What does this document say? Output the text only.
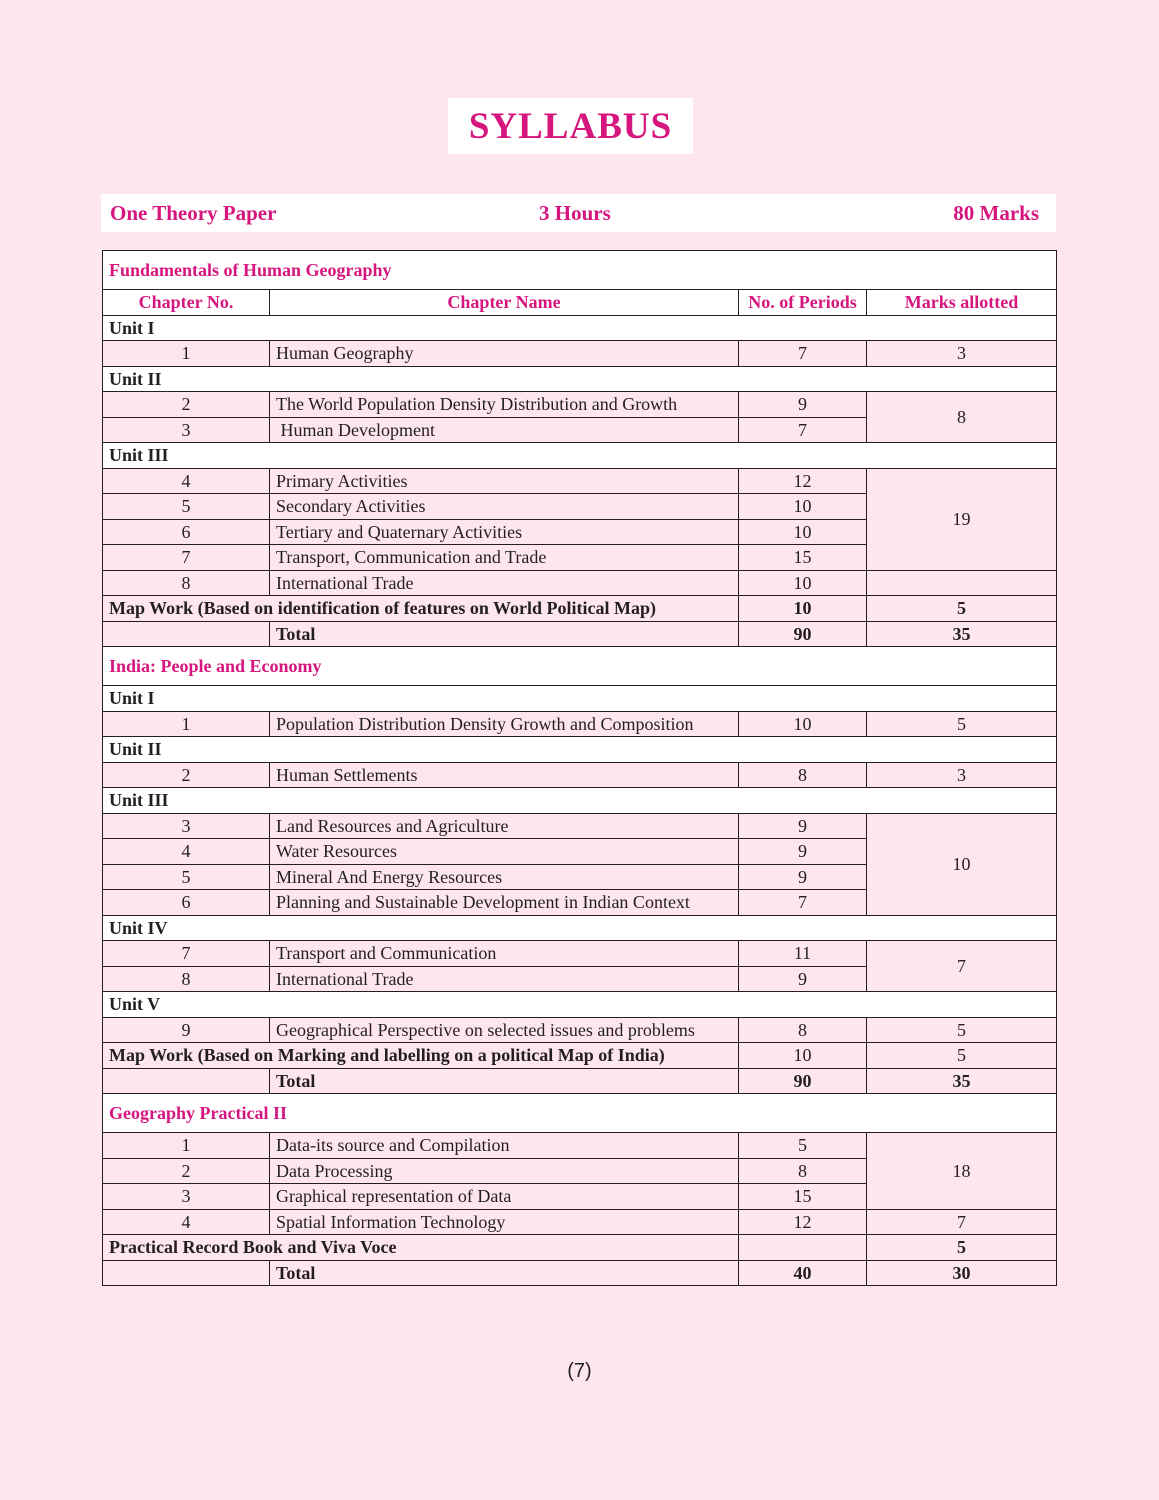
SYLLABUS
One Theory Paper	3 Hours	80 Marks
Fundamentals of Human Geography			
Chapter No.	Chapter Name	No. of Periods	Marks allotted
Unit I			
1	Human Geography	7	3
Unit II			
2	The World Population Density Distribution and Growth	9	8
3	Human Development	7	
Unit III			
4	Primary Activities	12	19
5	Secondary Activities	10	
6	Tertiary and Quaternary Activities	10	
7	Transport, Communication and Trade	15	
8	International Trade	10	
Map Work (Based on identification of features on World Political Map)		10	5
	Total	90	35
India: People and Economy			
Unit I			
1	Population Distribution Density Growth and Composition	10	5
Unit II			
2	Human Settlements	8	3
Unit III			
3	Land Resources and Agriculture	9	10
4	Water Resources	9	
5	Mineral And Energy Resources	9	
6	Planning and Sustainable Development in Indian Context	7	
Unit IV			
7	Transport and Communication	11	7
8	International Trade	9	
Unit V			
9	Geographical Perspective on selected issues and problems	8	5
Map Work (Based on Marking and labelling on a political Map of India)		10	5
	Total	90	35
Geography Practical II			
1	Data-its source and Compilation	5	18
2	Data Processing	8	
3	Graphical representation of Data	15	
4	Spatial Information Technology	12	7
Practical Record Book and Viva Voce			5
	Total	40	30
(7)
